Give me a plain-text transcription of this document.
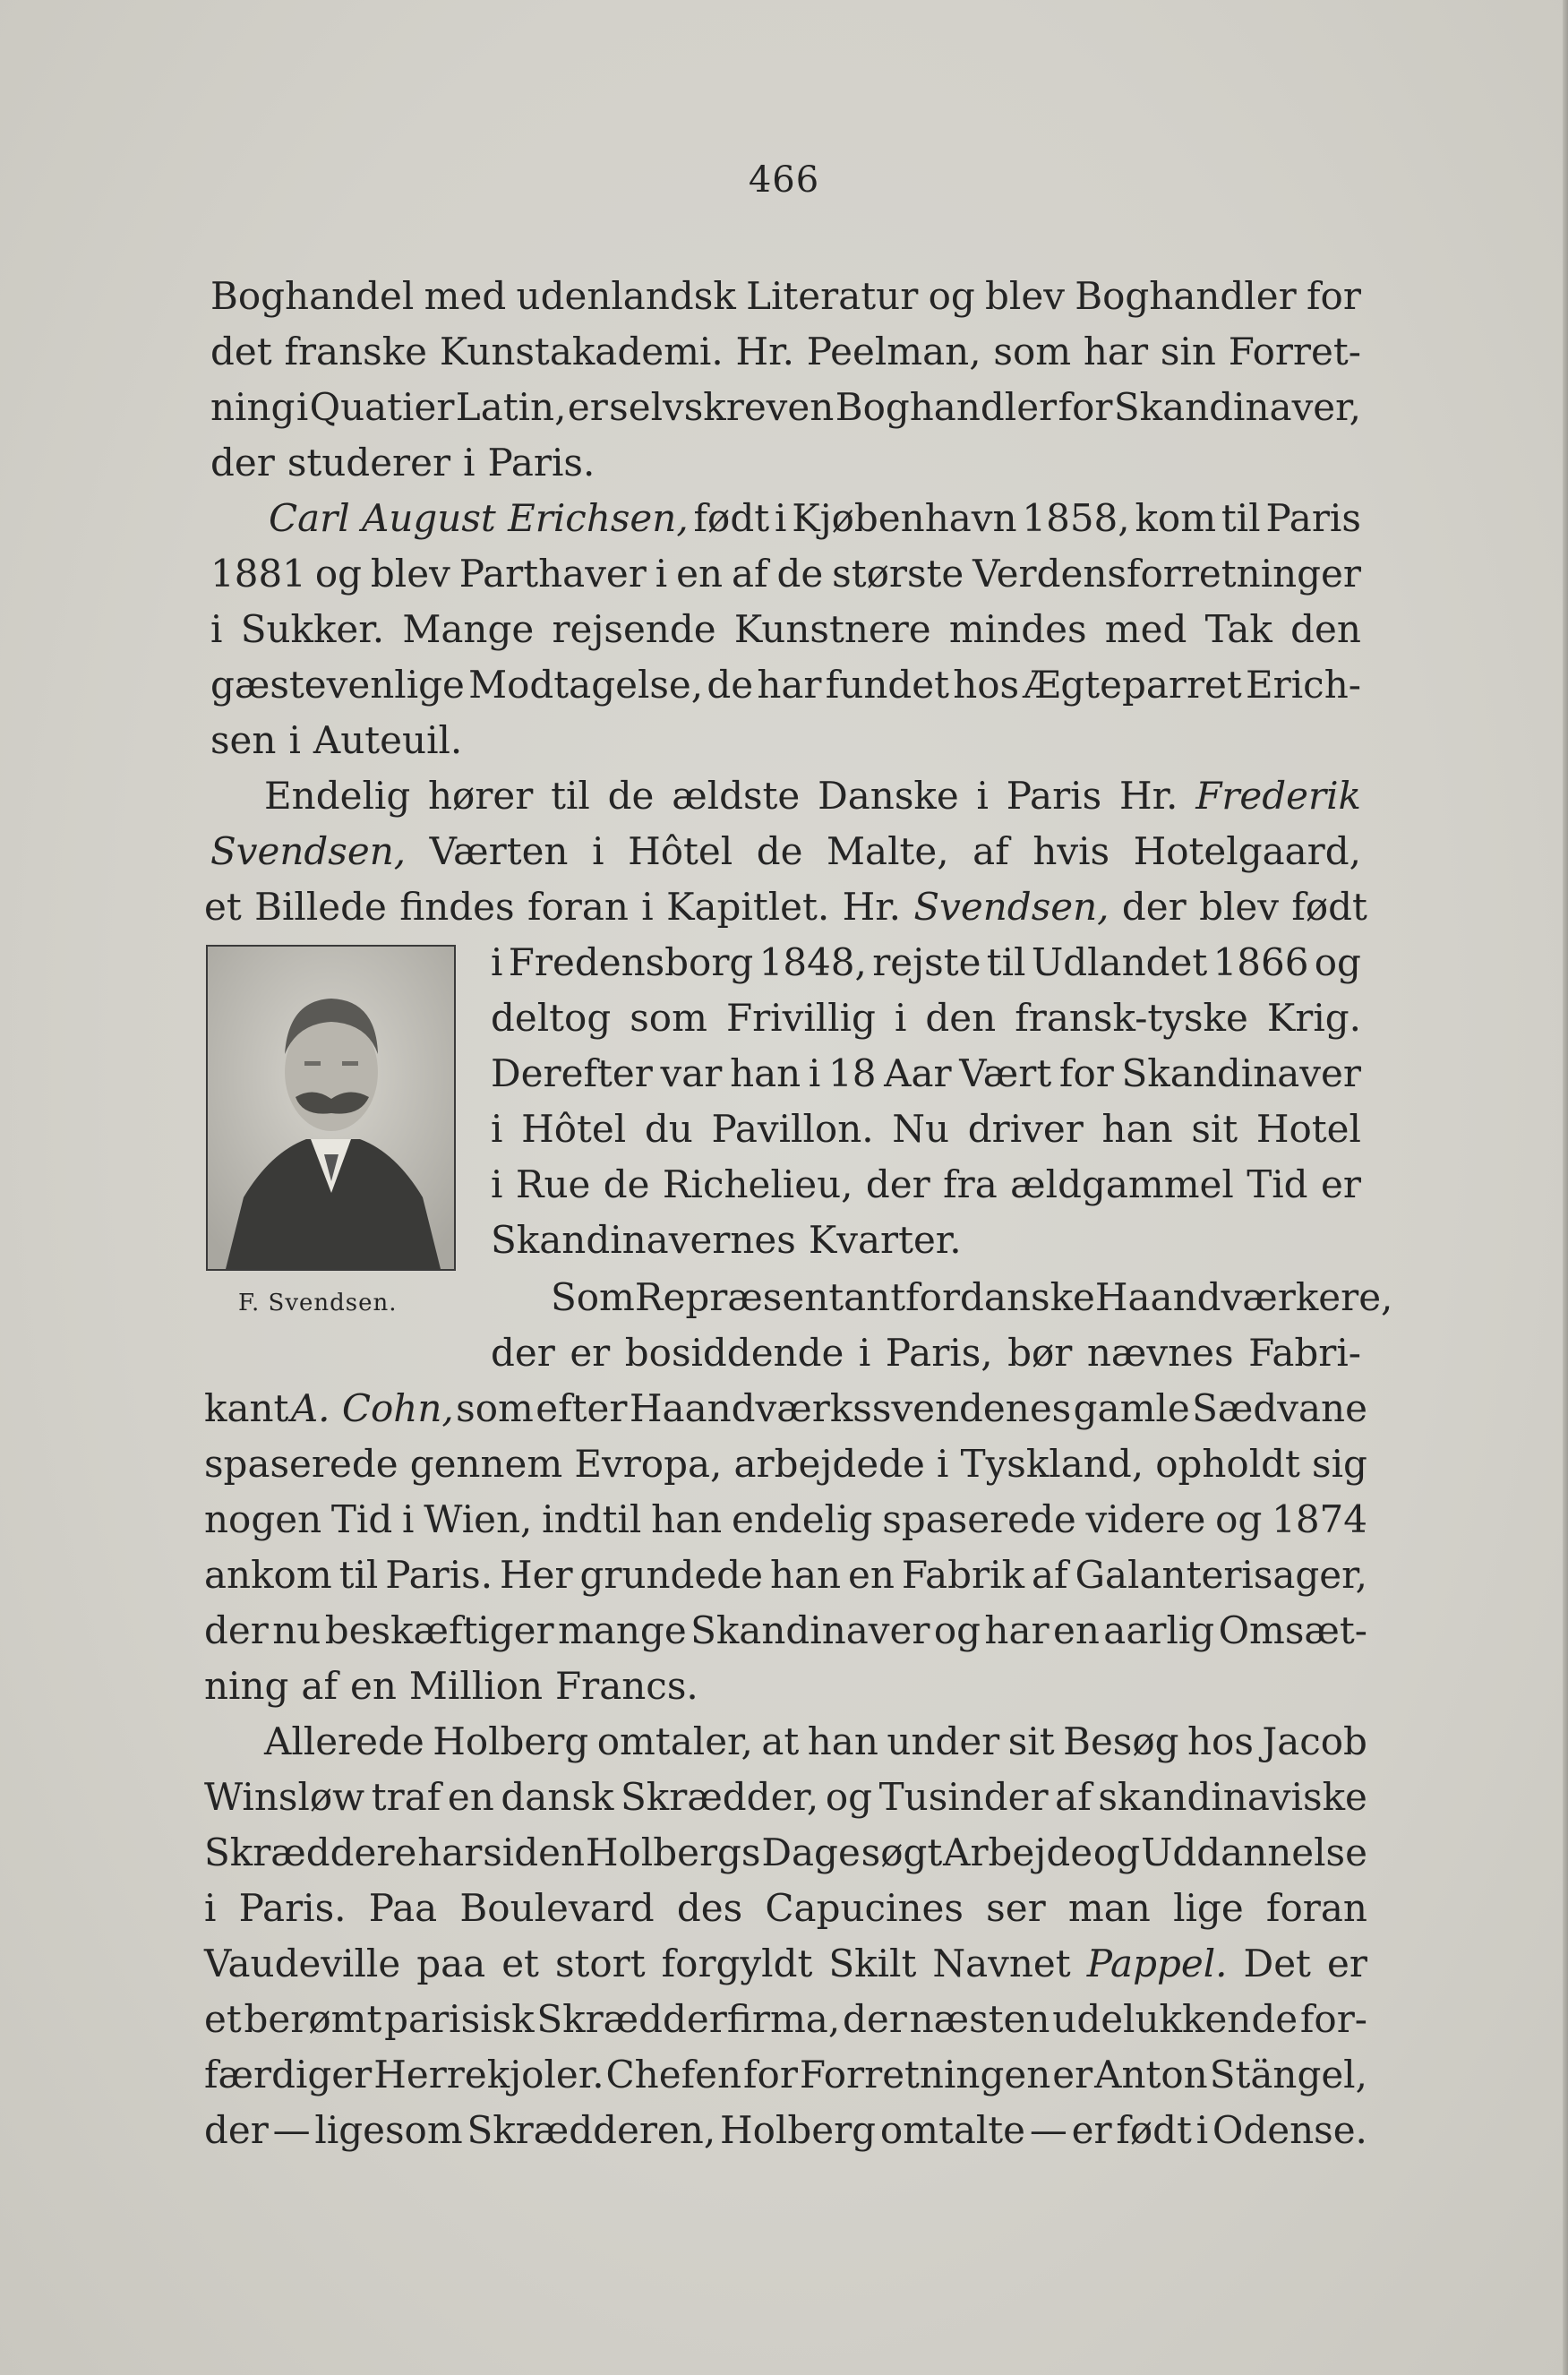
466
Boghandel med udenlandsk Literatur og blev Boghandler for
det franske Kunstakademi. Hr. Peelman, som har sin Forret-
ning i Quatier Latin, er selvskreven Boghandler for Skandinaver,
der studerer i Paris.
Carl August Erichsen, født i Kjøbenhavn 1858, kom til Paris
1881 og blev Parthaver i en af de største Verdensforretninger
i Sukker. Mange rejsende Kunstnere mindes med Tak den
gæstevenlige Modtagelse, de har fundet hos Ægteparret Erich-
sen i Auteuil.
Endelig hører til de ældste Danske i Paris Hr. Frederik
Svendsen, Værten i Hôtel de Malte, af hvis Hotelgaard,
et Billede findes foran i Kapitlet. Hr. Svendsen, der blev født
i Fredensborg 1848, rejste til Udlandet 1866 og
deltog som Frivillig i den fransk-tyske Krig.
Derefter var han i 18 Aar Vært for Skandinaver
i Hôtel du Pavillon. Nu driver han sit Hotel
i Rue de Richelieu, der fra ældgammel Tid er
Skandinavernes Kvarter.
Som Repræsentant for danske Haandværkere,
der er bosiddende i Paris, bør nævnes Fabri-
kant A. Cohn, som efter Haandværkssvendenes gamle Sædvane
spaserede gennem Evropa, arbejdede i Tyskland, opholdt sig
nogen Tid i Wien, indtil han endelig spaserede videre og 1874
ankom til Paris. Her grundede han en Fabrik af Galanterisager,
der nu beskæftiger mange Skandinaver og har en aarlig Omsæt-
ning af en Million Francs.
Allerede Holberg omtaler, at han under sit Besøg hos Jacob
Winsløw traf en dansk Skrædder, og Tusinder af skandinaviske
Skræddere har siden Holbergs Dage søgt Arbejde og Uddannelse
i Paris. Paa Boulevard des Capucines ser man lige foran
Vaudeville paa et stort forgyldt Skilt Navnet Pappel. Det er
et berømt parisisk Skrædderfirma, der næsten udelukkende for-
færdiger Herrekjoler. Chefen for Forretningen er Anton Stängel,
der — ligesom Skrædderen, Holberg omtalte — er født i Odense.
F. Svendsen.
